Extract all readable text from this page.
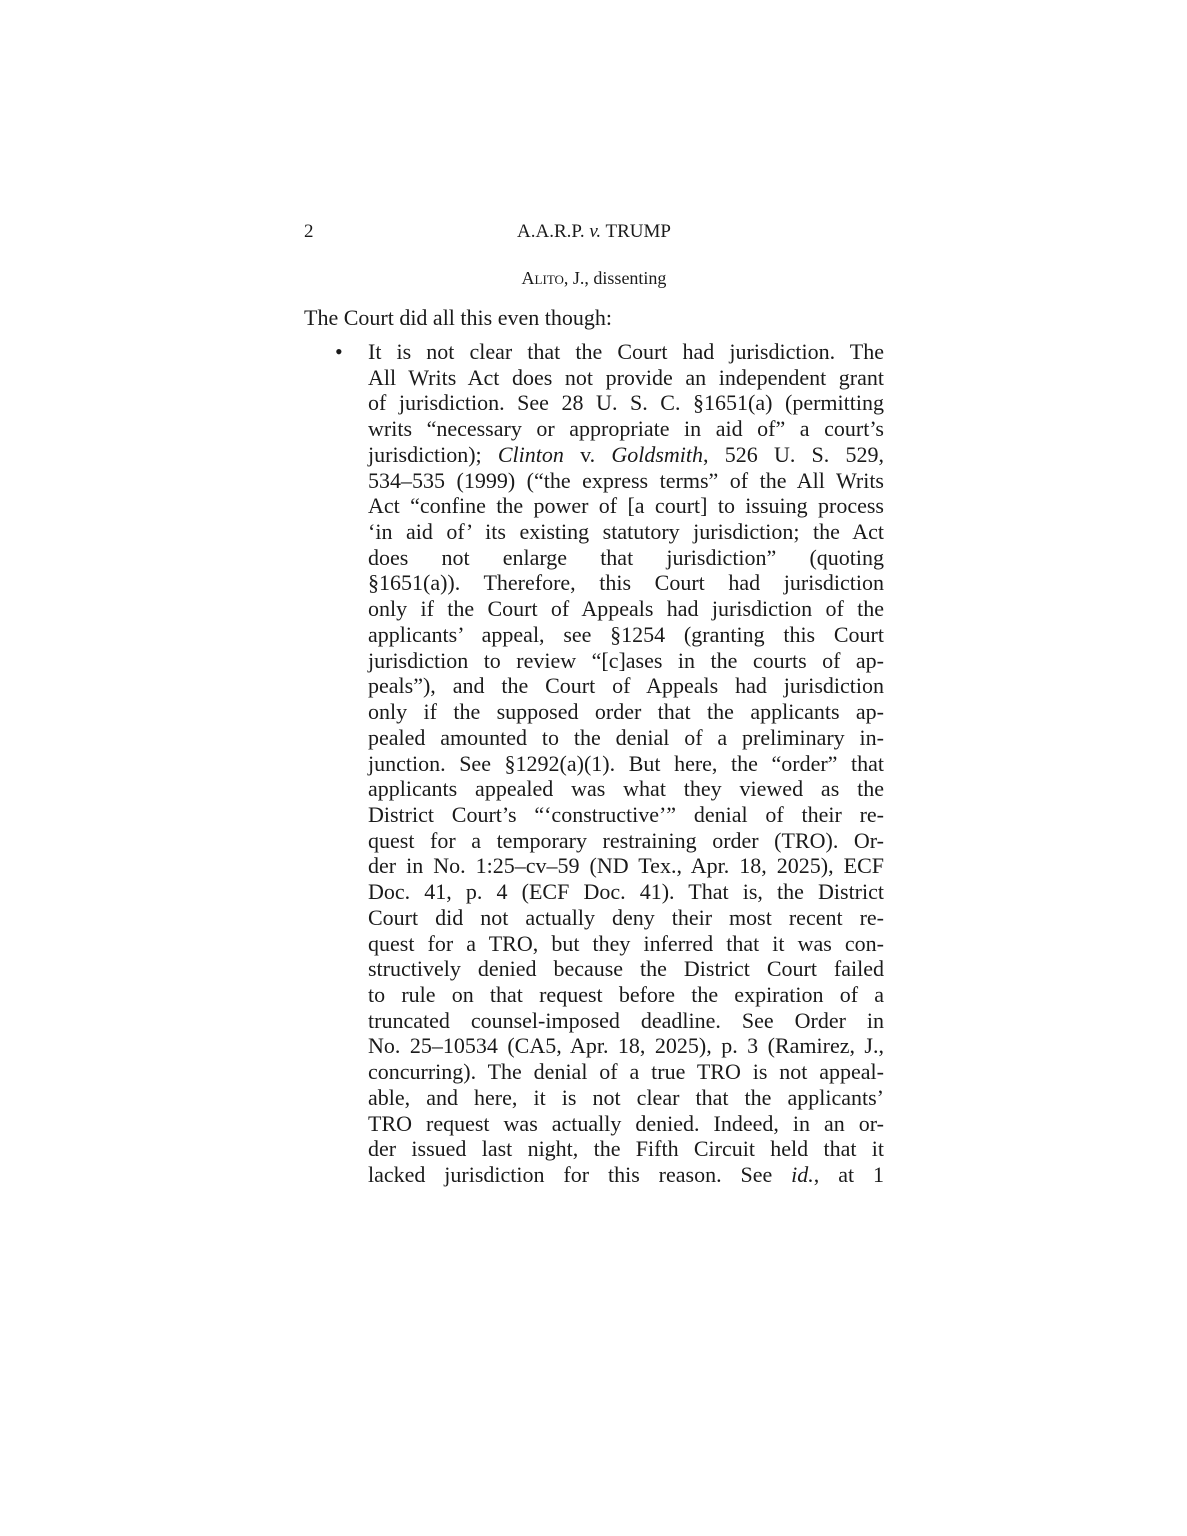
2	A.A.R.P. v. TRUMP
Alito, J., dissenting

The Court did all this even though:

• It is not clear that the Court had jurisdiction. The
All Writs Act does not provide an independent grant
of jurisdiction. See 28 U. S. C. §1651(a) (permitting
writs “necessary or appropriate in aid of” a court’s
jurisdiction); Clinton v. Goldsmith, 526 U. S. 529,
534–535 (1999) (“the express terms” of the All Writs
Act “confine the power of [a court] to issuing process
‘in aid of’ its existing statutory jurisdiction; the Act
does not enlarge that jurisdiction” (quoting
§1651(a)). Therefore, this Court had jurisdiction
only if the Court of Appeals had jurisdiction of the
applicants’ appeal, see §1254 (granting this Court
jurisdiction to review “[c]ases in the courts of ap-
peals”), and the Court of Appeals had jurisdiction
only if the supposed order that the applicants ap-
pealed amounted to the denial of a preliminary in-
junction. See §1292(a)(1). But here, the “order” that
applicants appealed was what they viewed as the
District Court’s “‘constructive’” denial of their re-
quest for a temporary restraining order (TRO). Or-
der in No. 1:25–cv–59 (ND Tex., Apr. 18, 2025), ECF
Doc. 41, p. 4 (ECF Doc. 41). That is, the District
Court did not actually deny their most recent re-
quest for a TRO, but they inferred that it was con-
structively denied because the District Court failed
to rule on that request before the expiration of a
truncated counsel-imposed deadline. See Order in
No. 25–10534 (CA5, Apr. 18, 2025), p. 3 (Ramirez, J.,
concurring). The denial of a true TRO is not appeal-
able, and here, it is not clear that the applicants’
TRO request was actually denied. Indeed, in an or-
der issued last night, the Fifth Circuit held that it
lacked jurisdiction for this reason. See id., at 1
